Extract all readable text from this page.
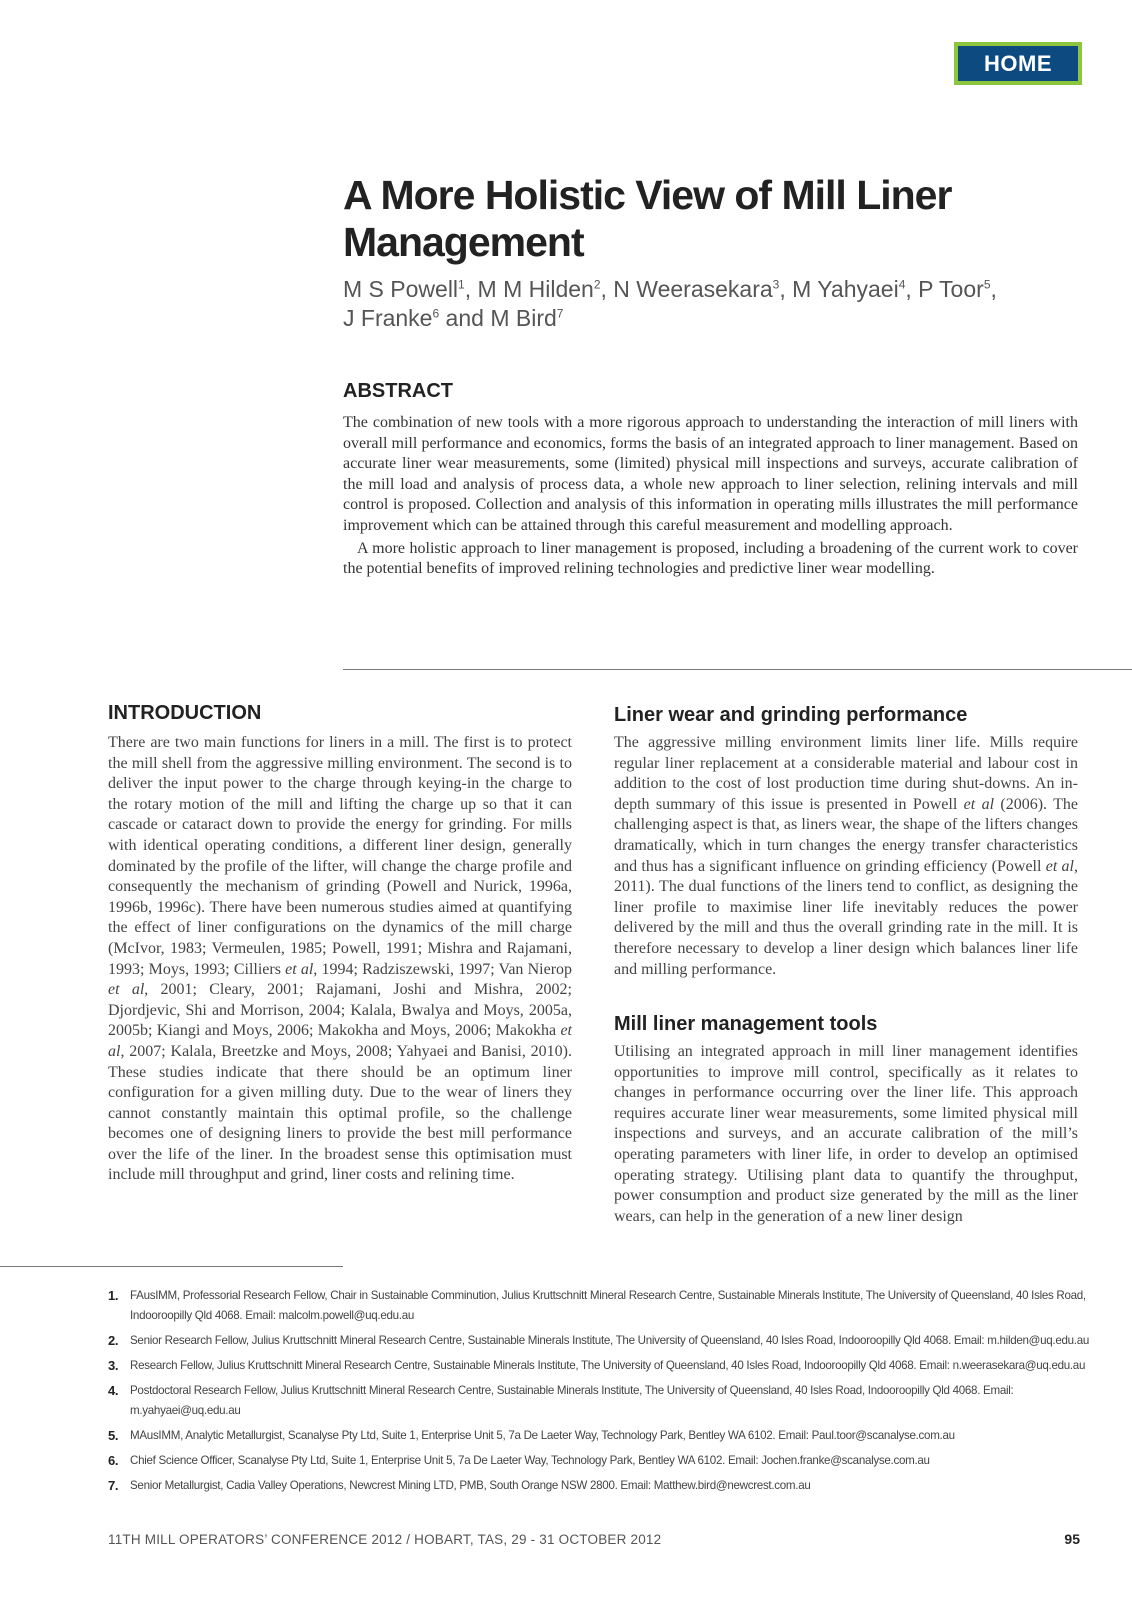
HOME
A More Holistic View of Mill Liner Management
M S Powell$^1$, M M Hilden$^2$, N Weerasekara$^3$, M Yahyaei$^4$, P Toor$^5$,
J Franke$^6$ and M Bird$^7$
ABSTRACT

The combination of new tools with a more rigorous approach to understanding the interaction of mill liners with overall mill performance and economics, forms the basis of an integrated approach to liner management. Based on accurate liner wear measurements, some (limited) physical mill inspections and surveys, accurate calibration of the mill load and analysis of process data, a whole new approach to liner selection, relining intervals and mill control is proposed. Collection and analysis of this information in operating mills illustrates the mill performance improvement which can be attained through this careful measurement and modelling approach.

A more holistic approach to liner management is proposed, including a broadening of the current work to cover the potential benefits of improved relining technologies and predictive liner wear modelling.

INTRODUCTION
There are two main functions for liners in a mill. The first is to protect the mill shell from the aggressive milling environment. The second is to deliver the input power to the charge through keying-in the charge to the rotary motion of the mill and lifting the charge up so that it can cascade or cataract down to provide the energy for grinding. For mills with identical operating conditions, a different liner design, generally dominated by the profile of the lifter, will change the charge profile and consequently the mechanism of grinding (Powell and Nurick, 1996a, 1996b, 1996c). There have been numerous studies aimed at quantifying the effect of liner configurations on the dynamics of the mill charge (McIvor, 1983; Vermeulen, 1985; Powell, 1991; Mishra and Rajamani, 1993; Moys, 1993; Cilliers et al, 1994; Radziszewski, 1997; Van Nierop et al, 2001; Cleary, 2001; Rajamani, Joshi and Mishra, 2002; Djordjevic, Shi and Morrison, 2004; Kalala, Bwalya and Moys, 2005a, 2005b; Kiangi and Moys, 2006; Makokha and Moys, 2006; Makokha et al, 2007; Kalala, Breetzke and Moys, 2008; Yahyaei and Banisi, 2010). These studies indicate that there should be an optimum liner configuration for a given milling duty. Due to the wear of liners they cannot constantly maintain this optimal profile, so the challenge becomes one of designing liners to provide the best mill performance over the life of the liner. In the broadest sense this optimisation must include mill throughput and grind, liner costs and relining time.
Liner wear and grinding performance
The aggressive milling environment limits liner life. Mills require regular liner replacement at a considerable material and labour cost in addition to the cost of lost production time during shut-downs. An in-depth summary of this issue is presented in Powell et al (2006). The challenging aspect is that, as liners wear, the shape of the lifters changes dramatically, which in turn changes the energy transfer characteristics and thus has a significant influence on grinding efficiency (Powell et al, 2011). The dual functions of the liners tend to conflict, as designing the liner profile to maximise liner life inevitably reduces the power delivered by the mill and thus the overall grinding rate in the mill. It is therefore necessary to develop a liner design which balances liner life and milling performance.
Mill liner management tools
Utilising an integrated approach in mill liner management identifies opportunities to improve mill control, specifically as it relates to changes in performance occurring over the liner life. This approach requires accurate liner wear measurements, some limited physical mill inspections and surveys, and an accurate calibration of the mill’s operating parameters with liner life, in order to develop an optimised operating strategy. Utilising plant data to quantify the throughput, power consumption and product size generated by the mill as the liner wears, can help in the generation of a new liner design
1.	FAusIMM, Professorial Research Fellow, Chair in Sustainable Comminution, Julius Kruttschnitt Mineral Research Centre, Sustainable Minerals Institute, The University of Queensland, 40 Isles Road, Indooroopilly Qld 4068. Email: malcolm.powell@uq.edu.au
2.	Senior Research Fellow, Julius Kruttschnitt Mineral Research Centre, Sustainable Minerals Institute, The University of Queensland, 40 Isles Road, Indooroopilly Qld 4068. Email: m.hilden@uq.edu.au
3.	Research Fellow, Julius Kruttschnitt Mineral Research Centre, Sustainable Minerals Institute, The University of Queensland, 40 Isles Road, Indooroopilly Qld 4068. Email: n.weerasekara@uq.edu.au
4.	Postdoctoral Research Fellow, Julius Kruttschnitt Mineral Research Centre, Sustainable Minerals Institute, The University of Queensland, 40 Isles Road, Indooroopilly Qld 4068. Email: m.yahyaei@uq.edu.au
5.	MAusIMM, Analytic Metallurgist, Scanalyse Pty Ltd, Suite 1, Enterprise Unit 5, 7a De Laeter Way, Technology Park, Bentley WA 6102. Email: Paul.toor@scanalyse.com.au
6.	Chief Science Officer, Scanalyse Pty Ltd, Suite 1, Enterprise Unit 5, 7a De Laeter Way, Technology Park, Bentley WA 6102. Email: Jochen.franke@scanalyse.com.au
7.	Senior Metallurgist, Cadia Valley Operations, Newcrest Mining LTD, PMB, South Orange NSW 2800. Email: Matthew.bird@newcrest.com.au
11TH MILL OPERATORS’ CONFERENCE 2012 / HOBART, TAS, 29 - 31 OCTOBER 2012	95
